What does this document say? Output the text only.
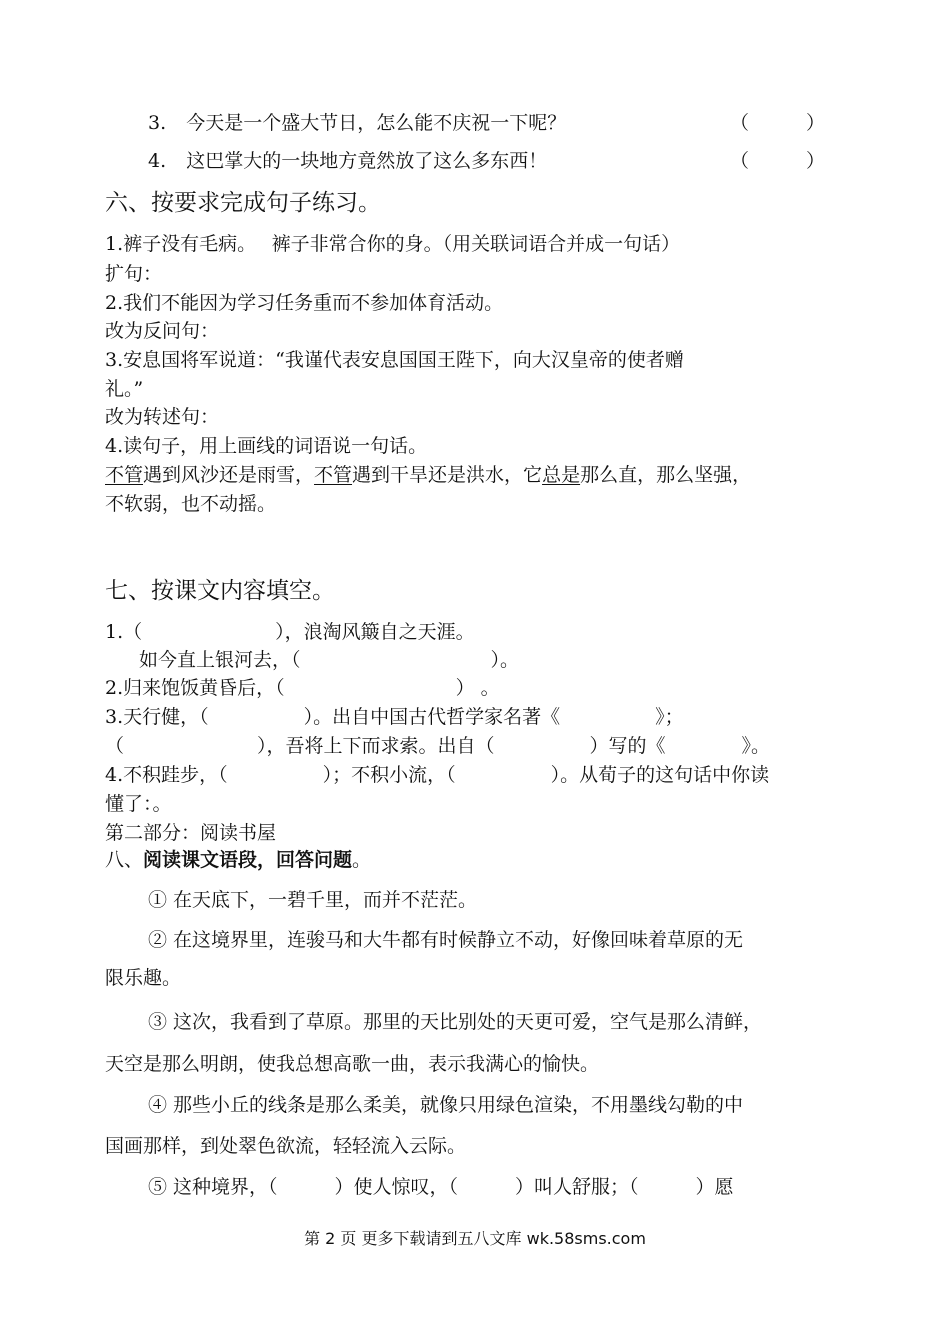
3. 今天是一个盛大节日，怎么能不庆祝一下呢？	（　　　）
4. 这巴掌大的一块地方竟然放了这么多东西！	（　　　）
六、按要求完成句子练习。
1.裤子没有毛病。　 裤子非常合你的身。（用关联词语合并成一句话）
扩句：
2.我们不能因为学习任务重而不参加体育活动。
改为反问句：
3.安息国将军说道：“我谨代表安息国国王陛下，向大汉皇帝的使者赠
礼。”
改为转述句：
4.读句子，用上画线的词语说一句话。
不管遇到风沙还是雨雪，不管遇到干旱还是洪水，它总是那么直，那么坚强，
不软弱，也不动摇。
七、按课文内容填空。
1.（　　　　　　　），浪淘风簸自之天涯。
　如今直上银河去，（　　　　　　　　　　）。
2.归来饱饭黄昏后，（　　　　　　　　　） 。
3.天行健，（　　　　　）。出自中国古代哲学家名著《　　　　　》；
（　　　　　　　），吾将上下而求索。出自（　　　　　）写的《　　　　》。
4.不积跬步，（　　　　　）；不积小流，（　　　　　）。从荀子的这句话中你读
懂了：。
第二部分：阅读书屋
八、阅读课文语段，回答问题。
① 在天底下，一碧千里，而并不茫茫。
② 在这境界里，连骏马和大牛都有时候静立不动，好像回味着草原的无
限乐趣。
③ 这次，我看到了草原。那里的天比别处的天更可爱，空气是那么清鲜，
天空是那么明朗，使我总想高歌一曲，表示我满心的愉快。
④ 那些小丘的线条是那么柔美，就像只用绿色渲染，不用墨线勾勒的中
国画那样，到处翠色欲流，轻轻流入云际。
⑤ 这种境界，（　　　）使人惊叹，（　　　）叫人舒服；（　　　）愿
第 2 页 更多下载请到五八文库 wk.58sms.com
